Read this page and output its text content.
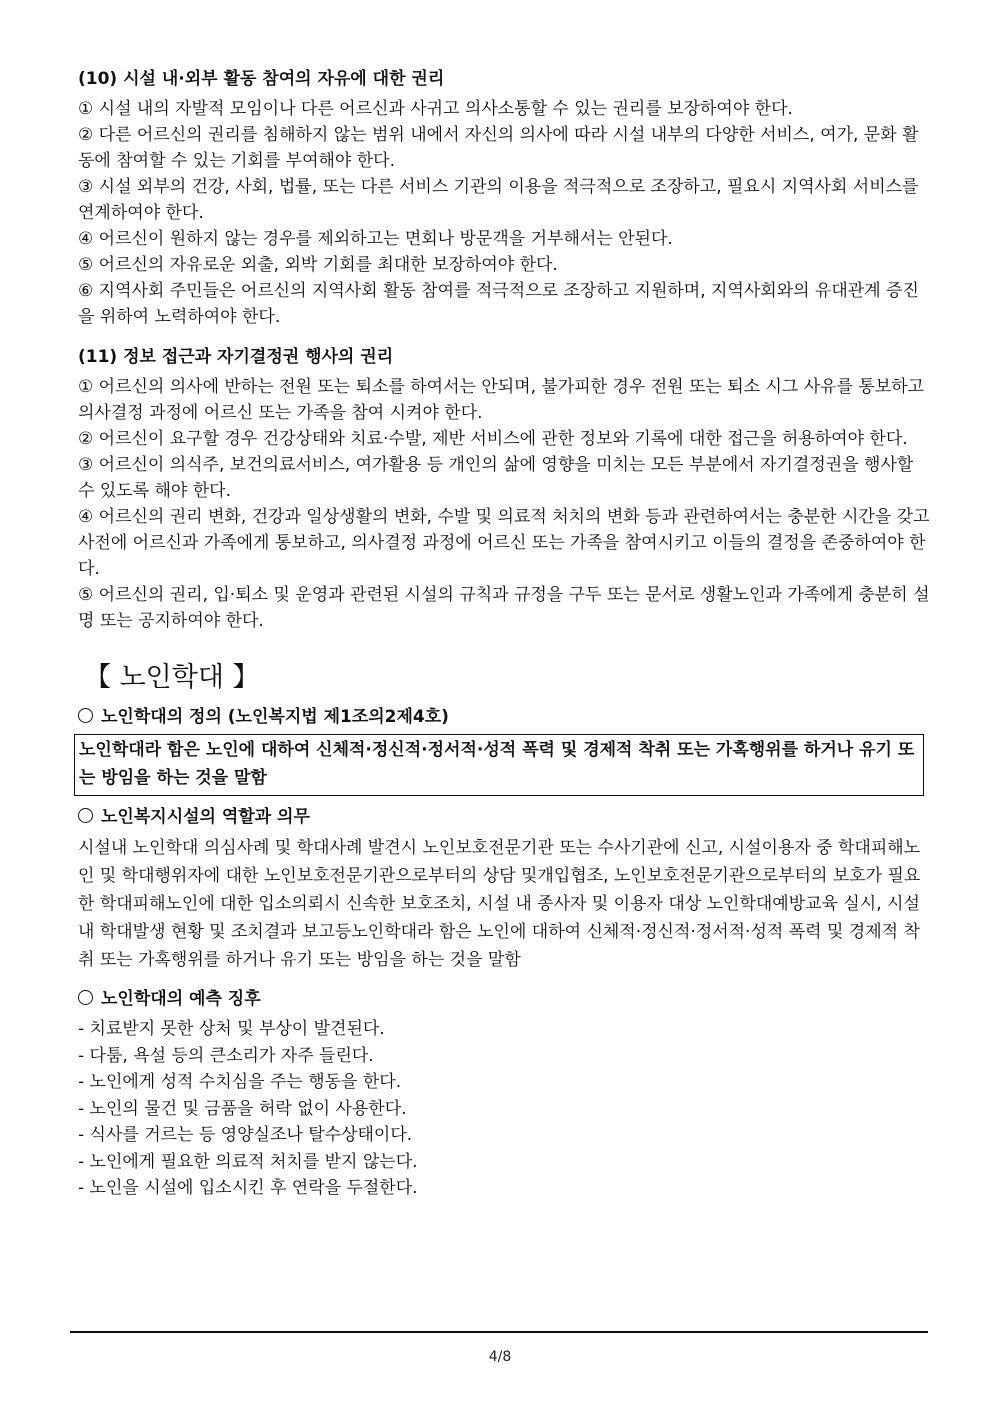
(10) 시설 내·외부 활동 참여의 자유에 대한 권리

① 시설 내의 자발적 모임이나 다른 어르신과 사귀고 의사소통할 수 있는 권리를 보장하여야 한다.

② 다른 어르신의 권리를 침해하지 않는 범위 내에서 자신의 의사에 따라 시설 내부의 다양한 서비스, 여가, 문화 활동에 참여할 수 있는 기회를 부여해야 한다.

③ 시설 외부의 건강, 사회, 법률, 또는 다른 서비스 기관의 이용을 적극적으로 조장하고, 필요시 지역사회 서비스를 연계하여야 한다.

④ 어르신이 원하지 않는 경우를 제외하고는 면회나 방문객을 거부해서는 안된다.

⑤ 어르신의 자유로운 외출, 외박 기회를 최대한 보장하여야 한다.

⑥ 지역사회 주민들은 어르신의 지역사회 활동 참여를 적극적으로 조장하고 지원하며, 지역사회와의 유대관계 증진을 위하여 노력하여야 한다.

(11) 정보 접근과 자기결정권 행사의 권리

① 어르신의 의사에 반하는 전원 또는 퇴소를 하여서는 안되며, 불가피한 경우 전원 또는 퇴소 시그 사유를 통보하고 의사결정 과정에 어르신 또는 가족을 참여 시켜야 한다.

② 어르신이 요구할 경우 건강상태와 치료·수발, 제반 서비스에 관한 정보와 기록에 대한 접근을 허용하여야 한다.

③ 어르신이 의식주, 보건의료서비스, 여가활용 등 개인의 삶에 영향을 미치는 모든 부분에서 자기결정권을 행사할 수 있도록 해야 한다.

④ 어르신의 권리 변화, 건강과 일상생활의 변화, 수발 및 의료적 처치의 변화 등과 관련하여서는 충분한 시간을 갖고 사전에 어르신과 가족에게 통보하고, 의사결정 과정에 어르신 또는 가족을 참여시키고 이들의 결정을 존중하여야 한다.

⑤ 어르신의 권리, 입·퇴소 및 운영과 관련된 시설의 규칙과 규정을 구두 또는 문서로 생활노인과 가족에게 충분히 설명 또는 공지하여야 한다.

【 노인학대 】
노인학대의 정의 (노인복지법 제1조의2제4호)
노인학대라 함은 노인에 대하여 신체적·정신적·정서적·성적 폭력 및 경제적 착취 또는 가혹행위를 하거나 유기 또는 방임을 하는 것을 말함
노인복지시설의 역할과 의무

시설내 노인학대 의심사례 및 학대사례 발견시 노인보호전문기관 또는 수사기관에 신고, 시설이용자 중 학대피해노인 및 학대행위자에 대한 노인보호전문기관으로부터의 상담 및개입협조, 노인보호전문기관으로부터의 보호가 필요한 학대피해노인에 대한 입소의뢰시 신속한 보호조치, 시설 내 종사자 및 이용자 대상 노인학대예방교육 실시, 시설 내 학대발생 현황 및 조치결과 보고등노인학대라 함은 노인에 대하여 신체적·정신적·정서적·성적 폭력 및 경제적 착취 또는 가혹행위를 하거나 유기 또는 방임을 하는 것을 말함

노인학대의 예측 징후

- 치료받지 못한 상처 및 부상이 발견된다.

- 다툼, 욕설 등의 큰소리가 자주 들린다.

- 노인에게 성적 수치심을 주는 행동을 한다.

- 노인의 물건 및 금품을 허락 없이 사용한다.

- 식사를 거르는 등 영양실조나 탈수상태이다.

- 노인에게 필요한 의료적 처치를 받지 않는다.

- 노인을 시설에 입소시킨 후 연락을 두절한다.

4/8
